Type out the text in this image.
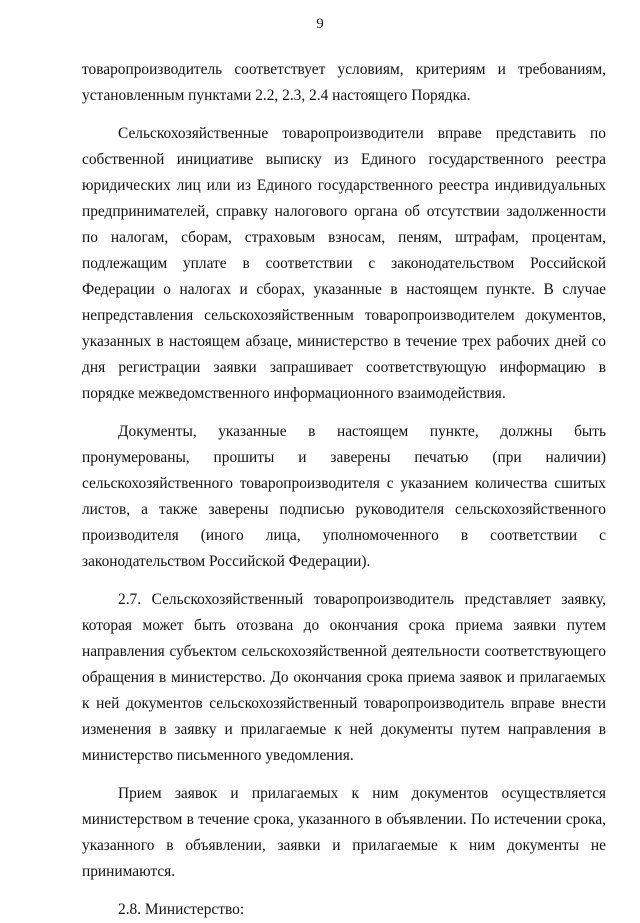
9

товаропроизводитель соответствует условиям, критериям и требованиям, установленным пунктами 2.2, 2.3, 2.4 настоящего Порядка.

Сельскохозяйственные товаропроизводители вправе представить по собственной инициативе выписку из Единого государственного реестра юридических лиц или из Единого государственного реестра индивидуальных предпринимателей, справку налогового органа об отсутствии задолженности по налогам, сборам, страховым взносам, пеням, штрафам, процентам, подлежащим уплате в соответствии с законодательством Российской Федерации о налогах и сборах, указанные в настоящем пункте. В случае непредставления сельскохозяйственным товаропроизводителем документов, указанных в настоящем абзаце, министерство в течение трех рабочих дней со дня регистрации заявки запрашивает соответствующую информацию в порядке межведомственного информационного взаимодействия.

Документы, указанные в настоящем пункте, должны быть пронумерованы, прошиты и заверены печатью (при наличии) сельскохозяйственного товаропроизводителя с указанием количества сшитых листов, а также заверены подписью руководителя сельскохозяйственного производителя (иного лица, уполномоченного в соответствии с законодательством Российской Федерации).

2.7. Сельскохозяйственный товаропроизводитель представляет заявку, которая может быть отозвана до окончания срока приема заявки путем направления субъектом сельскохозяйственной деятельности соответствующего обращения в министерство. До окончания срока приема заявок и прилагаемых к ней документов сельскохозяйственный товаропроизводитель вправе внести изменения в заявку и прилагаемые к ней документы путем направления в министерство письменного уведомления.

Прием заявок и прилагаемых к ним документов осуществляется министерством в течение срока, указанного в объявлении. По истечении срока, указанного в объявлении, заявки и прилагаемые к ним документы не принимаются.

2.8. Министерство:
